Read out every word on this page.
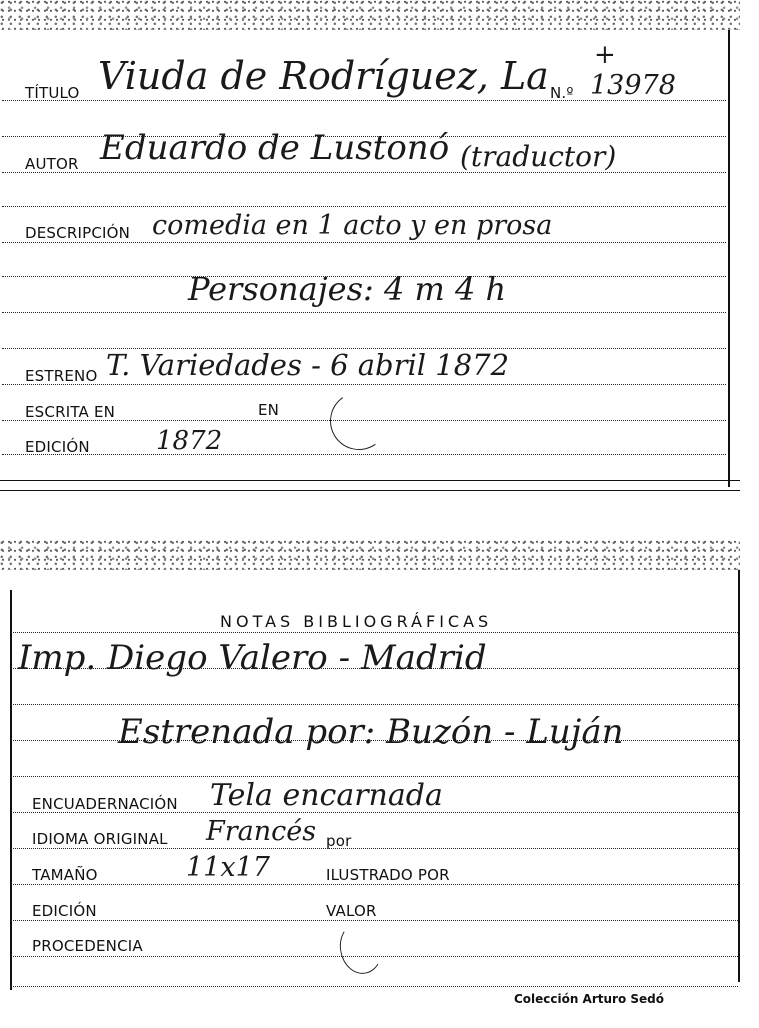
TÍTULO Viuda de Rodríguez, La N.º
+
13978
AUTOR Eduardo de Lustonó (traductor)
DESCRIPCIÓN comedia en 1 acto y en prosa
Personajes: 4 m 4 h
ESTRENO T. Variedades - 6 abril 1872
ESCRITA EN	EN
EDICIÓN	1872
NOTAS BIBLIOGRÁFICAS
Imp. Diego Valero - Madrid
Estrenada por: Buzón - Luján
ENCUADERNACIÓN Tela encarnada
IDIOMA ORIGINAL Francés por
TAMAÑO	11x17	ILUSTRADO POR
EDICIÓN	VALOR
PROCEDENCIA
Colección Arturo Sedó
